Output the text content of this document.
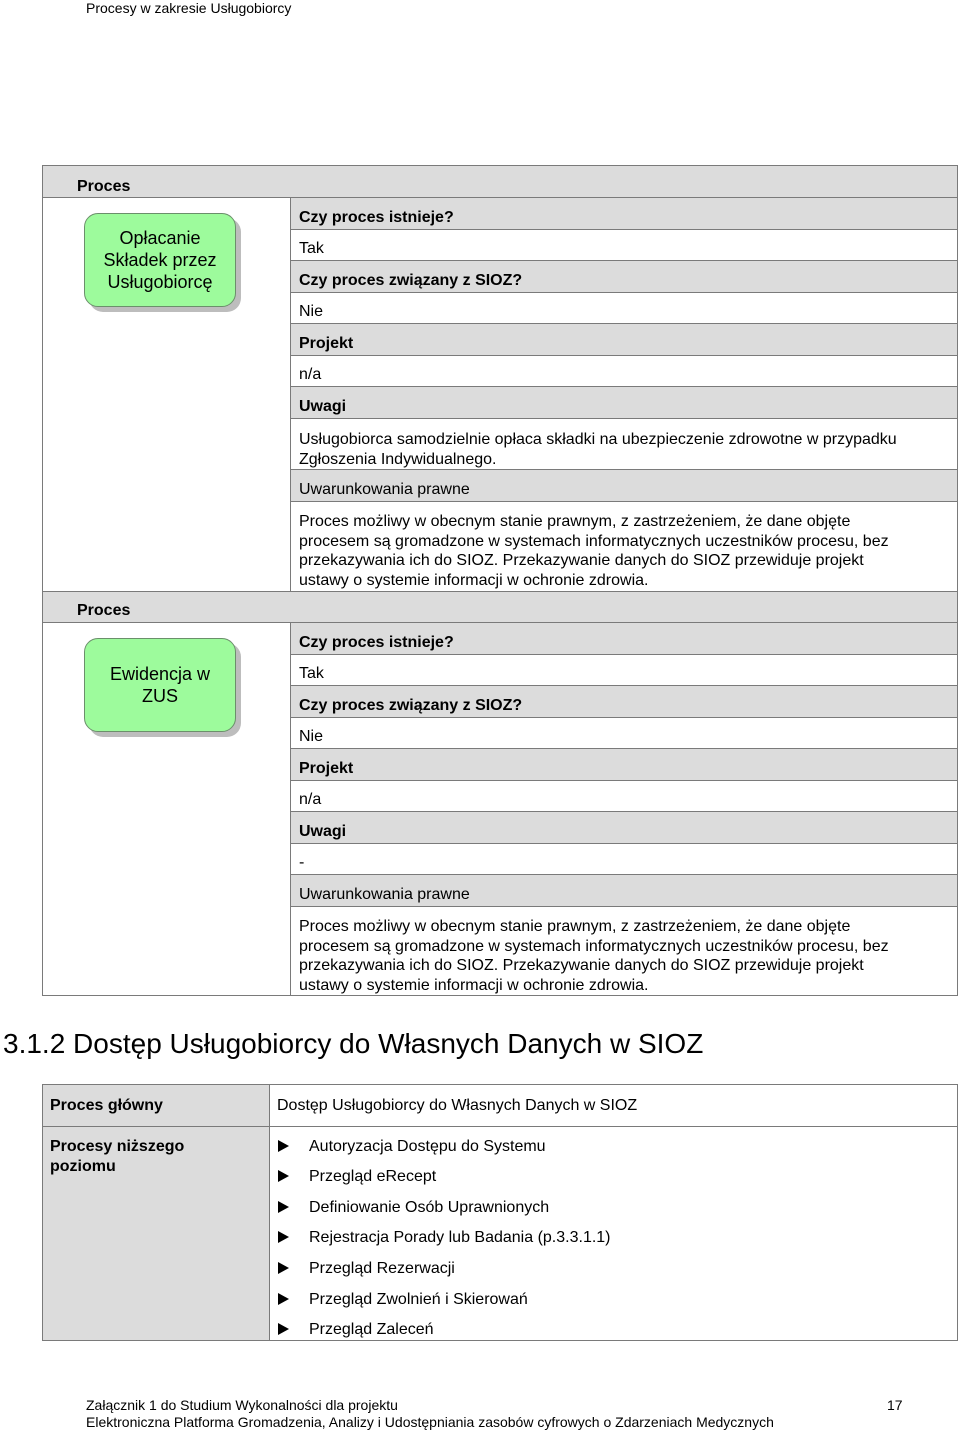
Procesy w zakresie Usługobiorcy
Proces
Opłacanie
Składek przez
Usługobiorcę
Czy proces istnieje?
Tak
Czy proces związany z SIOZ?
Nie
Projekt
n/a
Uwagi
Usługobiorca samodzielnie opłaca składki na ubezpieczenie zdrowotne w przypadku
Zgłoszenia Indywidualnego.
Uwarunkowania prawne
Proces możliwy w obecnym stanie prawnym, z zastrzeżeniem, że dane objęte
procesem są gromadzone w systemach informatycznych uczestników procesu, bez
przekazywania ich do SIOZ. Przekazywanie danych do SIOZ przewiduje projekt
ustawy o systemie informacji w ochronie zdrowia.
Proces
Ewidencja w
ZUS
Czy proces istnieje?
Tak
Czy proces związany z SIOZ?
Nie
Projekt
n/a
Uwagi
-
Uwarunkowania prawne
Proces możliwy w obecnym stanie prawnym, z zastrzeżeniem, że dane objęte
procesem są gromadzone w systemach informatycznych uczestników procesu, bez
przekazywania ich do SIOZ. Przekazywanie danych do SIOZ przewiduje projekt
ustawy o systemie informacji w ochronie zdrowia.
3.1.2 Dostęp Usługobiorcy do Własnych Danych w SIOZ
Proces główny	Dostęp Usługobiorcy do Własnych Danych w SIOZ
Procesy niższego
poziomu
Autoryzacja Dostępu do Systemu
Przegląd eRecept
Definiowanie Osób Uprawnionych
Rejestracja Porady lub Badania (p.3.3.1.1)
Przegląd Rezerwacji
Przegląd Zwolnień i Skierowań
Przegląd Zaleceń
Załącznik 1 do Studium Wykonalności dla projektu
Elektroniczna Platforma Gromadzenia, Analizy i Udostępniania zasobów cyfrowych o Zdarzeniach Medycznych
17
